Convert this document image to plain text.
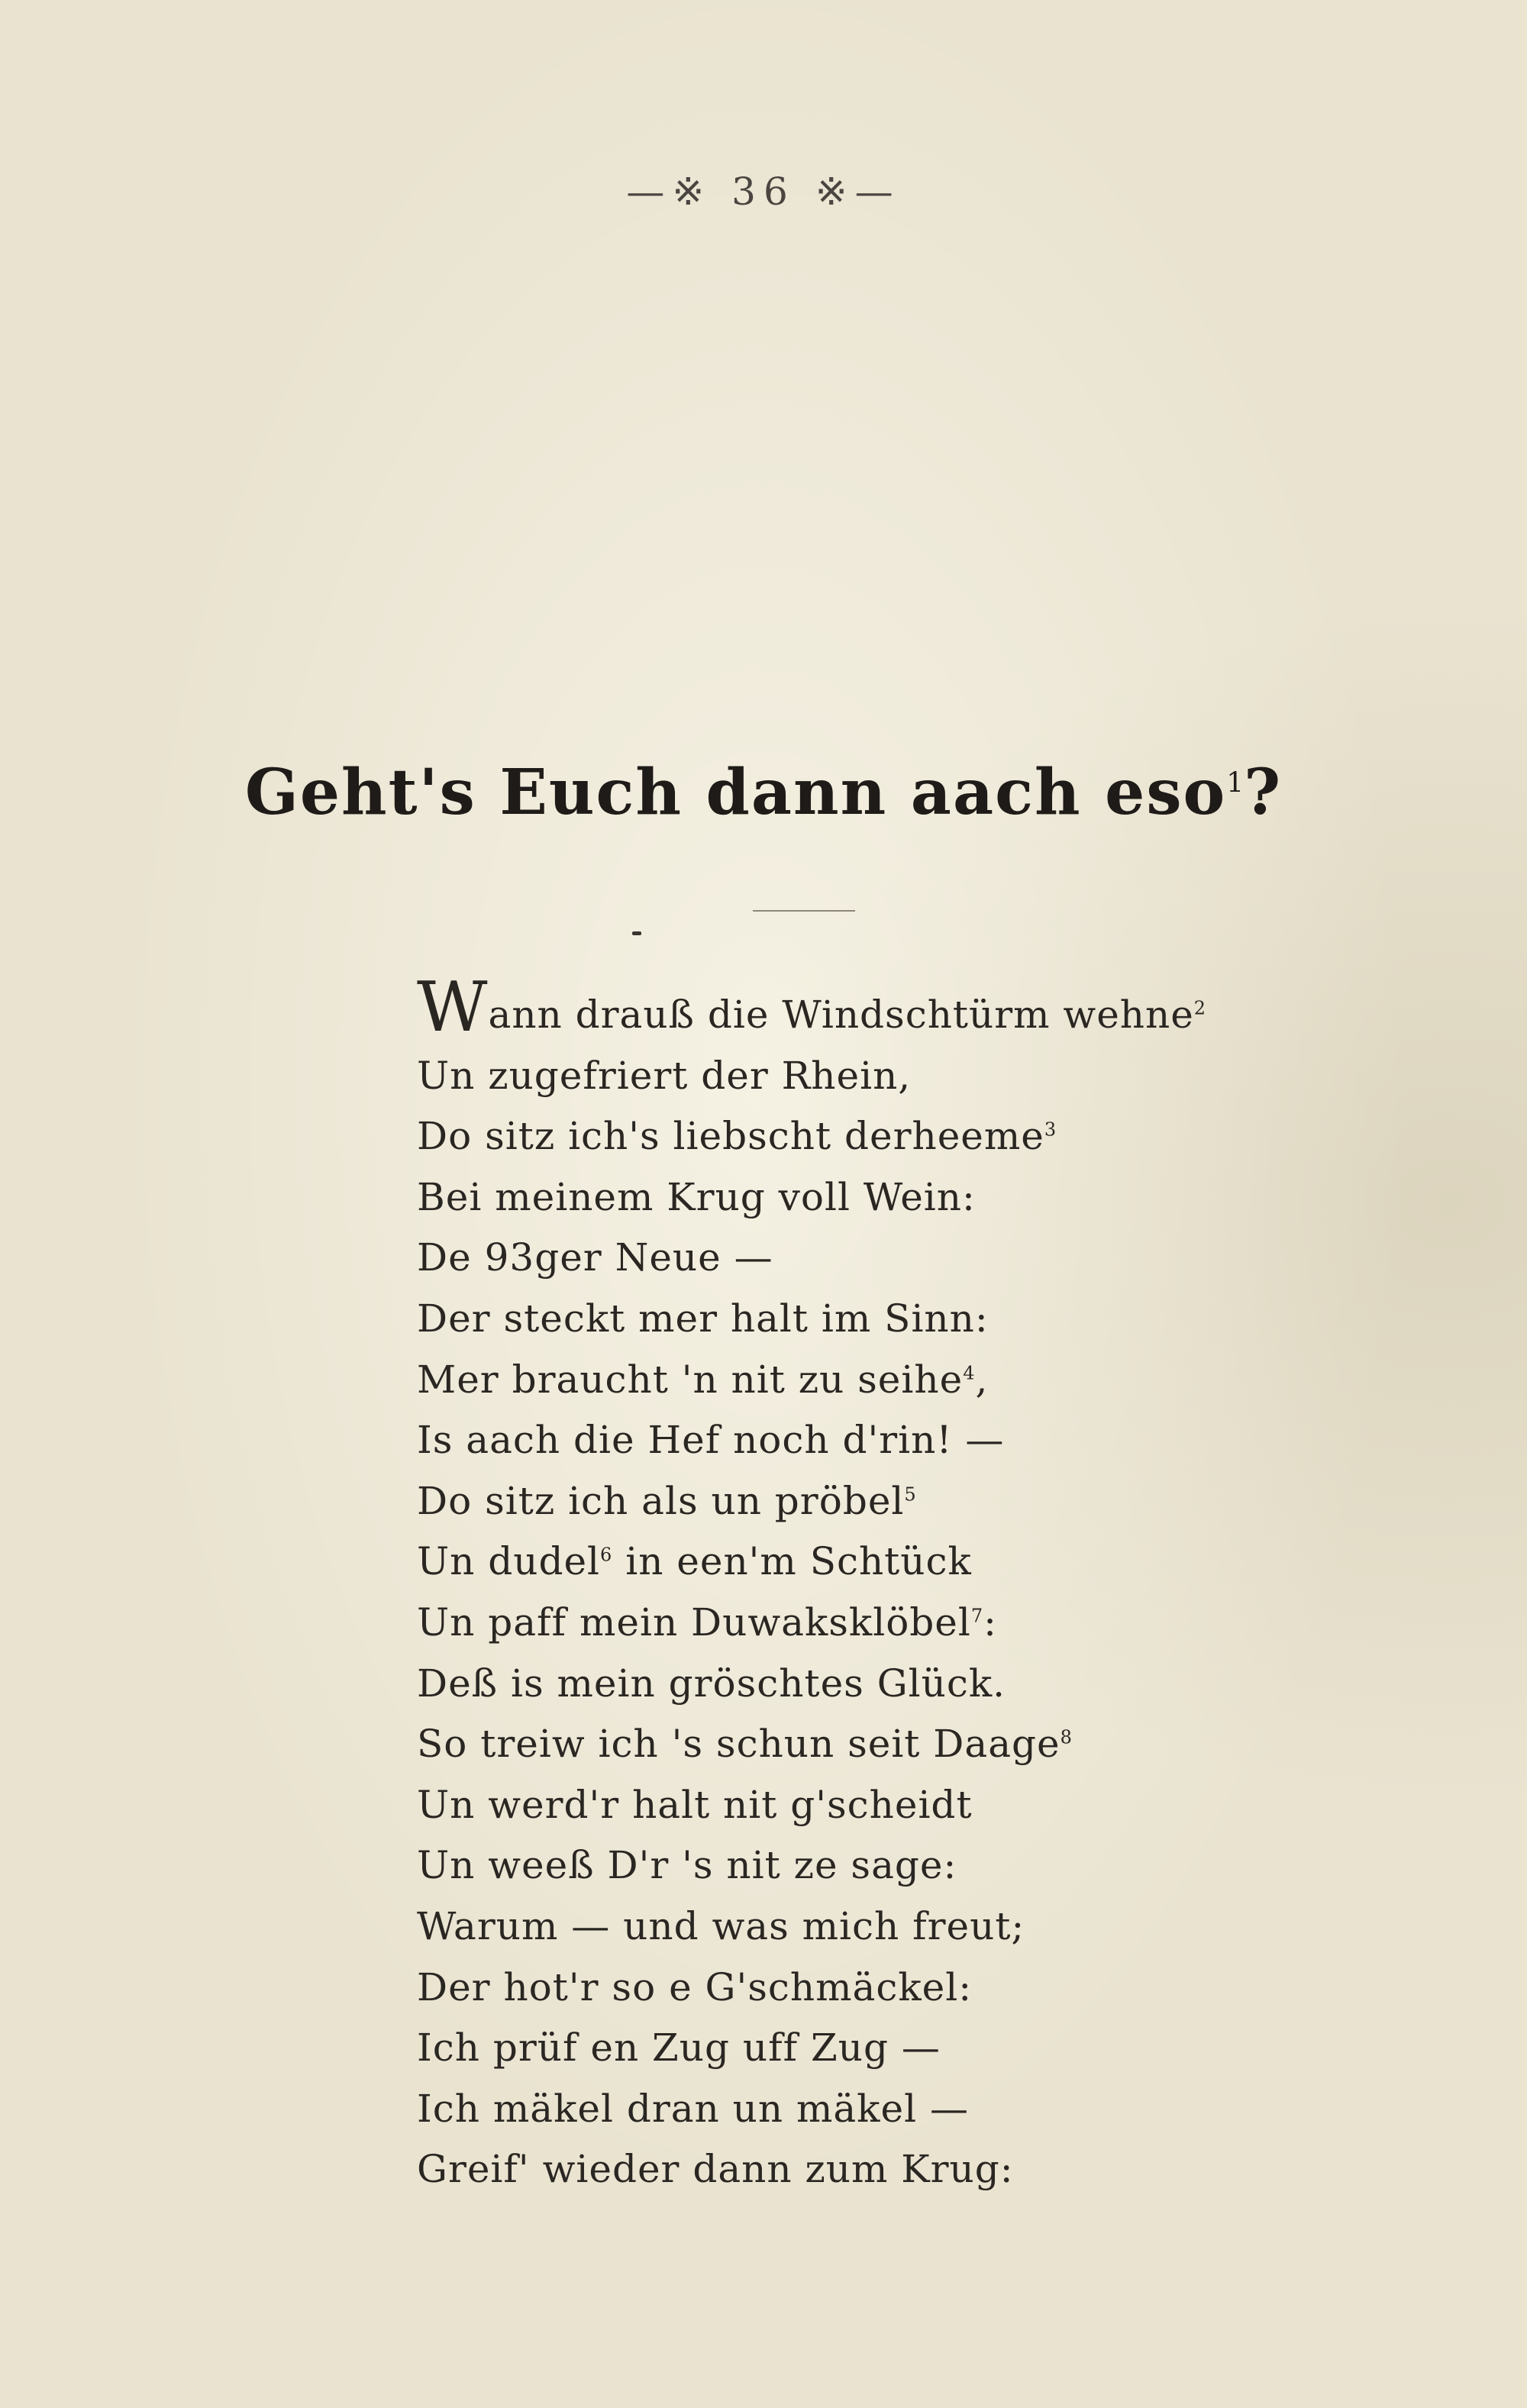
—※ 36 ※—
Geht's Euch dann aach eso$^1$?
Wann drauß die Windschtürm wehne$^2$
Un zugefriert der Rhein,
Do sitz ich's liebscht derheeme$^3$
Bei meinem Krug voll Wein:
De 93ger Neue —
Der steckt mer halt im Sinn:
Mer braucht 'n nit zu seihe$^4$,
Is aach die Hef noch d'rin! —
Do sitz ich als un pröbel$^5$
Un dudel$^6$ in een'm Schtück
Un paff mein Duwaksklöbel$^7$:
Deß is mein gröschtes Glück.
So treiw ich 's schun seit Daage$^8$
Un werd'r halt nit g'scheidt
Un weeß D'r 's nit ze sage:
Warum — und was mich freut;
Der hot'r so e G'schmäckel:
Ich prüf en Zug uff Zug —
Ich mäkel dran un mäkel —
Greif' wieder dann zum Krug:
